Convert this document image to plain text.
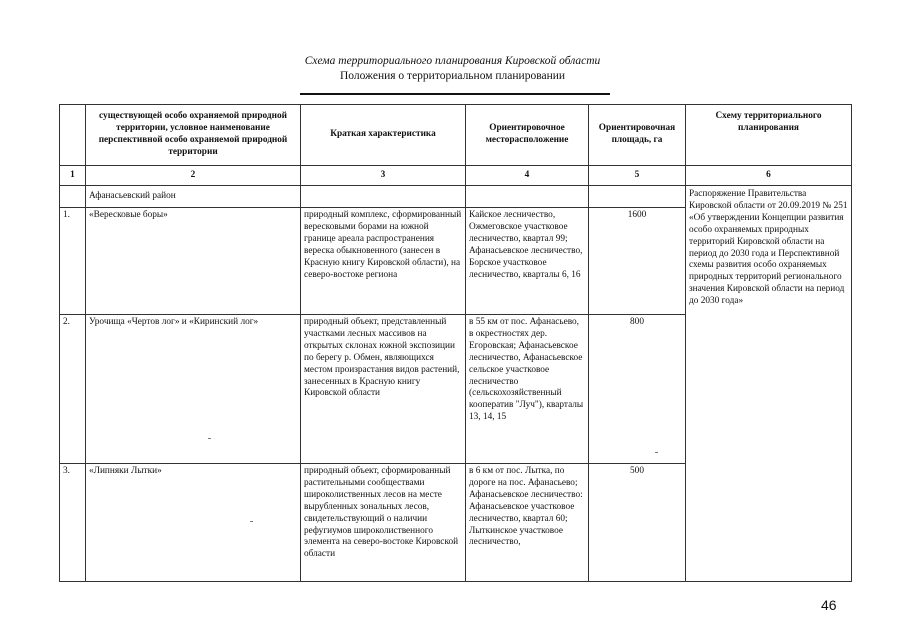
Схема территориального планирования Кировской области
Положения о территориальном планировании
	существующей особо охраняемой природной территории, условное наименование перспективной особо охраняемой природной территории	Краткая характеристика	Ориентировочное месторасположение	Ориентировочная площадь, га	Схему территориального планирования
1	2	3	4	5	6
	Афанасьевский район				Распоряжение Правительства Кировской области от 20.09.2019 № 251 «Об утверждении Концепции развития особо охраняемых природных территорий Кировской области на период до 2030 года и Перспективной схемы развития особо охраняемых природных территорий регионального значения Кировской области на период до 2030 года»
1.	«Вересковые боры»	природный комплекс, сформированный вересковыми борами на южной границе ареала распространения вереска обыкновенного (занесен в Красную книгу Кировской области), на северо-востоке региона	Кайское лесничество, Ожмеговское участковое лесничество, квартал 99; Афанасьевское лесничество, Борское участковое лесничество, кварталы 6, 16	1600	
2.	Урочища «Чертов лог» и «Киринский лог»	природный объект, представленный участками лесных массивов на открытых склонах южной экспозиции по берегу р. Обмен, являющихся местом произрастания видов растений, занесенных в Красную книгу Кировской области	в 55 км от пос. Афанасьево, в окрестностях дер. Егоровская; Афанасьевское лесничество, Афанасьевское сельское участковое лесничество (сельскохозяйственный кооператив "Луч"), кварталы 13, 14, 15	800	
3.	«Липняки Лытки»	природный объект, сформированный растительными сообществами широколиственных лесов на месте вырубленных зональных лесов, свидетельствующий о наличии рефугиумов широколиственного элемента на северо-востоке Кировской области	в 6 км от пос. Лытка, по дороге на пос. Афанасьево; Афанасьевское лесничество: Афанасьевское участковое лесничество, квартал 60; Лыткинское участковое лесничество,	500	
46
